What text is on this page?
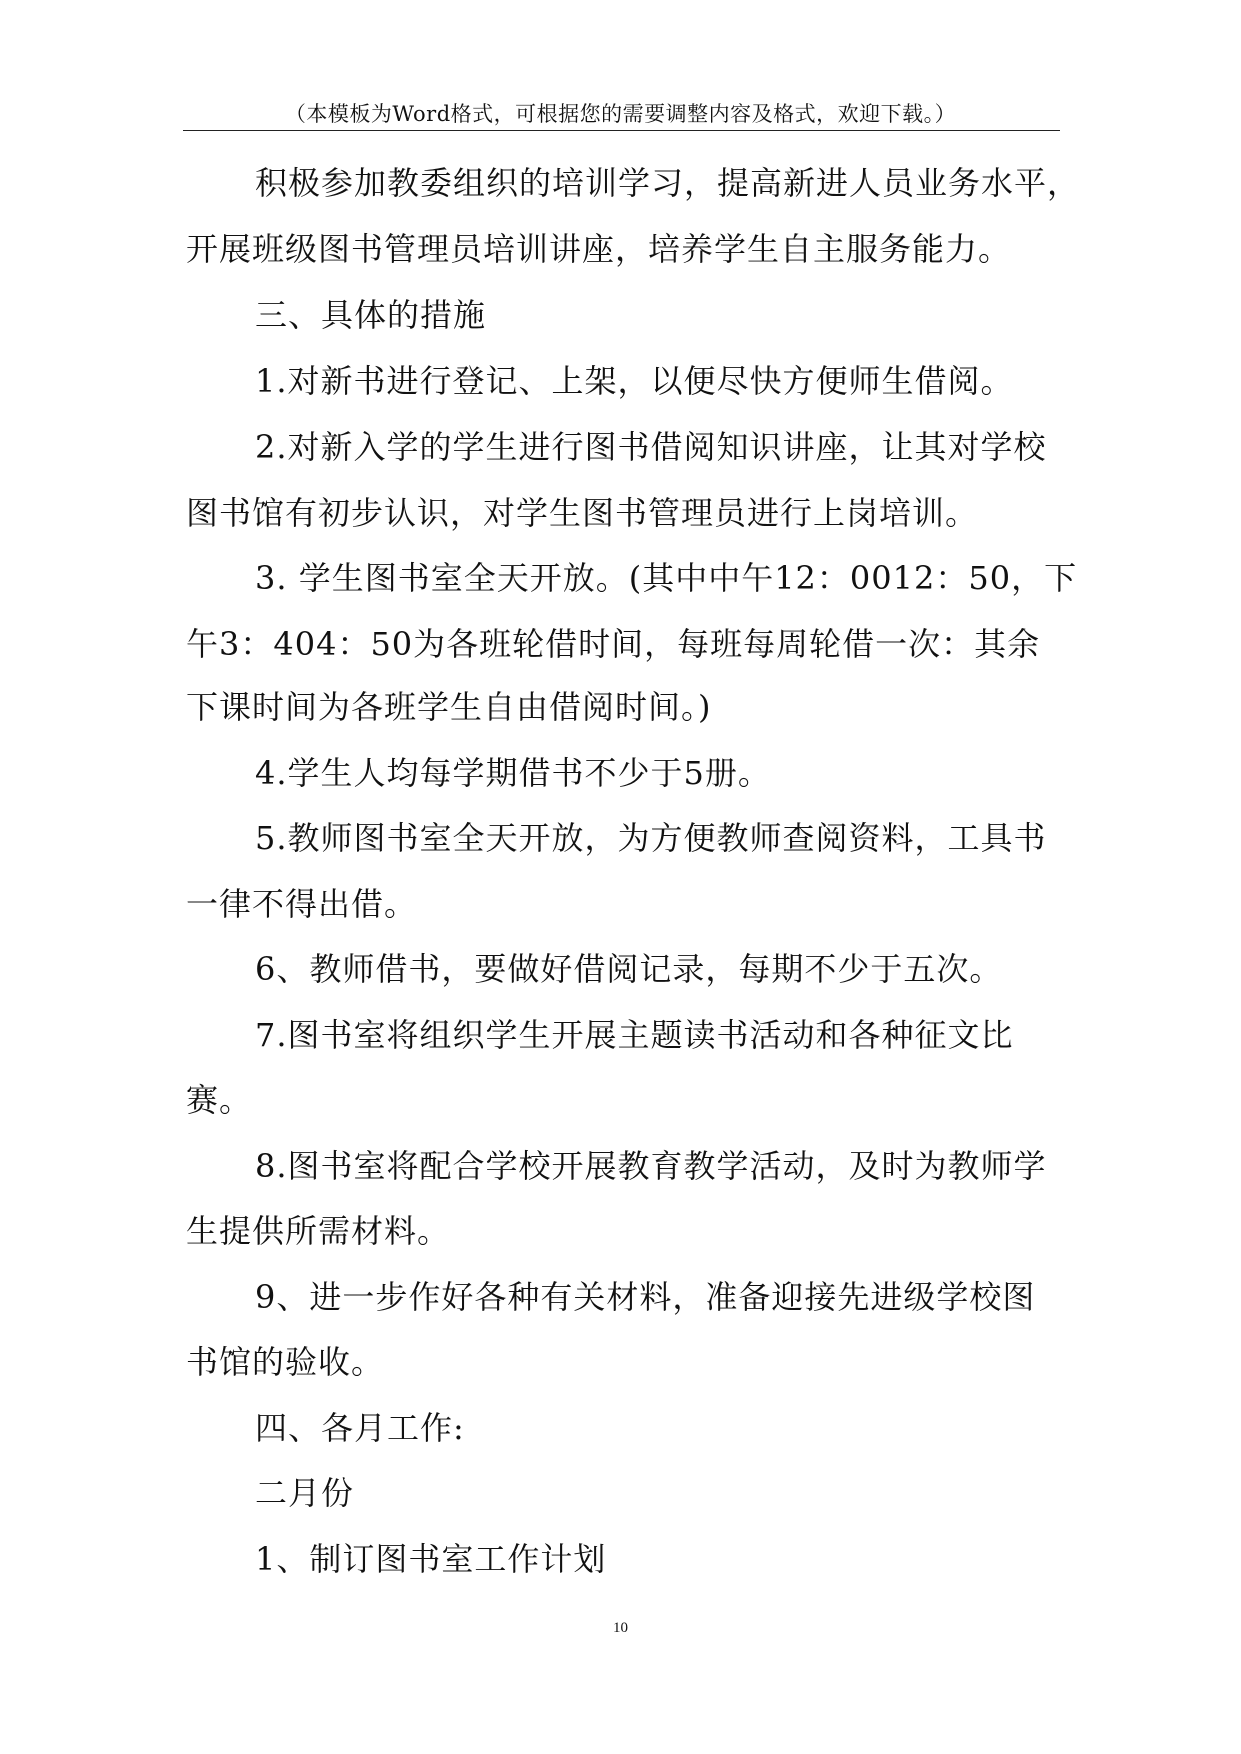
（本模板为Word格式，可根据您的需要调整内容及格式，欢迎下载。）
积极参加教委组织的培训学习，提高新进人员业务水平，
开展班级图书管理员培训讲座，培养学生自主服务能力。
三、具体的措施
1.对新书进行登记、上架，以便尽快方便师生借阅。
2.对新入学的学生进行图书借阅知识讲座，让其对学校
图书馆有初步认识，对学生图书管理员进行上岗培训。
3. 学生图书室全天开放。(其中中午12：0012：50，下
午3：404：50为各班轮借时间，每班每周轮借一次：其余
下课时间为各班学生自由借阅时间。)
4.学生人均每学期借书不少于5册。
5.教师图书室全天开放，为方便教师查阅资料，工具书
一律不得出借。
6、教师借书，要做好借阅记录，每期不少于五次。
7.图书室将组织学生开展主题读书活动和各种征文比
赛。
8.图书室将配合学校开展教育教学活动，及时为教师学
生提供所需材料。
9、进一步作好各种有关材料，准备迎接先进级学校图
书馆的验收。
四、各月工作:
二月份
1、制订图书室工作计划
10
